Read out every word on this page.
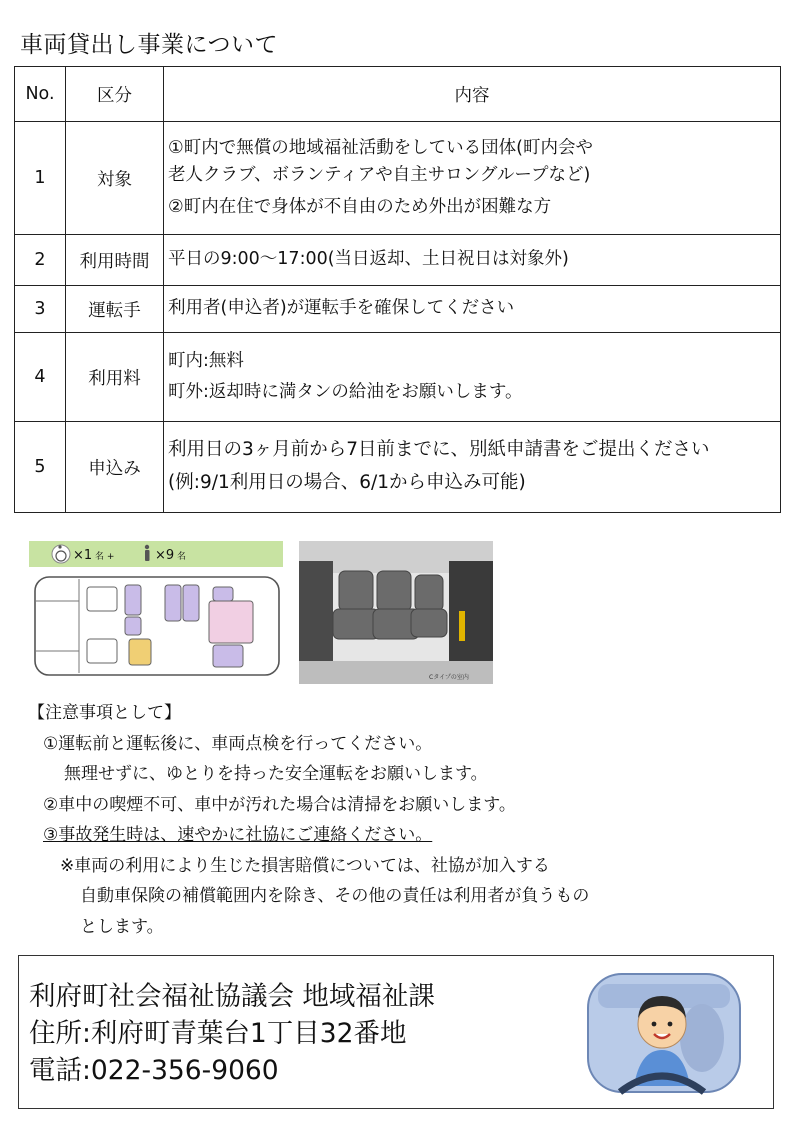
車両貸出し事業について
No.	区分	内容
1	対象	①町内で無償の地域福祉活動をしている団体(町内会や
老人クラブ、ボランティアや自主サロングループなど)
②町内在住で身体が不自由のため外出が困難な方

2	利用時間	平日の9:00～17:00(当日返却、土日祝日は対象外)

3	運転手	利用者(申込者)が運転手を確保してください

4	利用料	町内:無料
町外:返却時に満タンの給油をお願いします。

5	申込み	利用日の3ヶ月前から7日前までに、別紙申請書をご提出ください
(例:9/1利用日の場合、6/1から申込み可能)
×1 名 +	×9 名
Cタイプの室内
【注意事項として】
①運転前と運転後に、車両点検を行ってください。
無理せずに、ゆとりを持った安全運転をお願いします。
②車中の喫煙不可、車中が汚れた場合は清掃をお願いします。
③事故発生時は、速やかに社協にご連絡ください。
※車両の利用により生じた損害賠償については、社協が加入する
自動車保険の補償範囲内を除き、その他の責任は利用者が負うもの
とします。
利府町社会福祉協議会 地域福祉課
住所:利府町青葉台1丁目32番地
電話:022-356-9060
